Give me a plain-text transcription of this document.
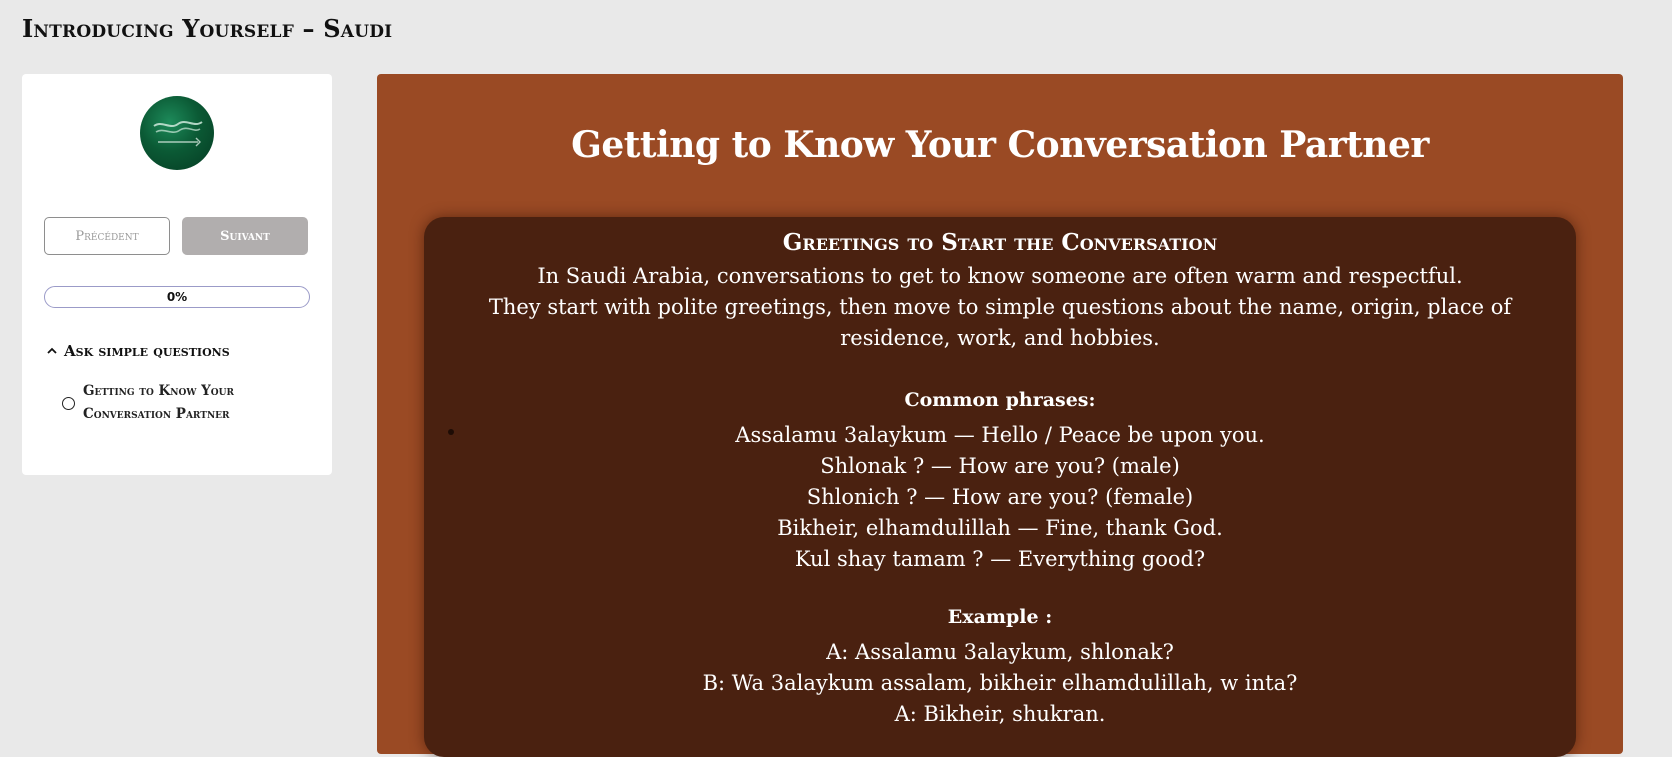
Introducing Yourself – Saudi
Précédent	Suivant
0%
Ask simple questions
Getting to Know Your Conversation Partner
Getting to Know Your Conversation Partner
Greetings to Start the Conversation
In Saudi Arabia, conversations to get to know someone are often warm and respectful.
They start with polite greetings, then move to simple questions about the name, origin, place of residence, work, and hobbies.

Common phrases:

Assalamu 3alaykum — Hello / Peace be upon you.
Shlonak ? — How are you? (male)
Shlonich ? — How are you? (female)
Bikheir, elhamdulillah — Fine, thank God.
Kul shay tamam ? — Everything good?

Example :

A: Assalamu 3alaykum, shlonak?
B: Wa 3alaykum assalam, bikheir elhamdulillah, w inta?
A: Bikheir, shukran.
